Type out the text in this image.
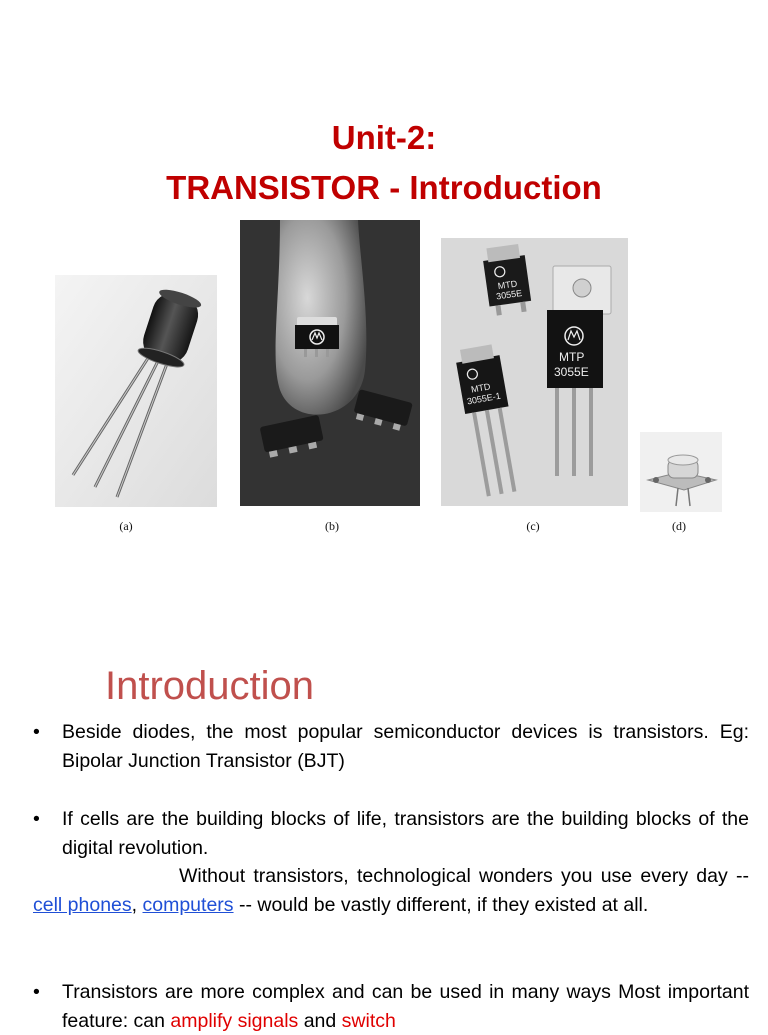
Unit-2:
TRANSISTOR - Introduction
(a)	(b)
MTD
3055E
MTP
3055E
MTD
3055E-1
(c)	(d)
Introduction
• Beside diodes, the most popular semiconductor devices is transistors. Eg: Bipolar Junction Transistor (BJT)
• If cells are the building blocks of life, transistors are the building blocks of the digital revolution.
Without transistors, technological wonders you use every day -- cell phones, computers -- would be vastly different, if they existed at all.
• Transistors are more complex and can be used in many ways Most important feature: can amplify signals and switch
